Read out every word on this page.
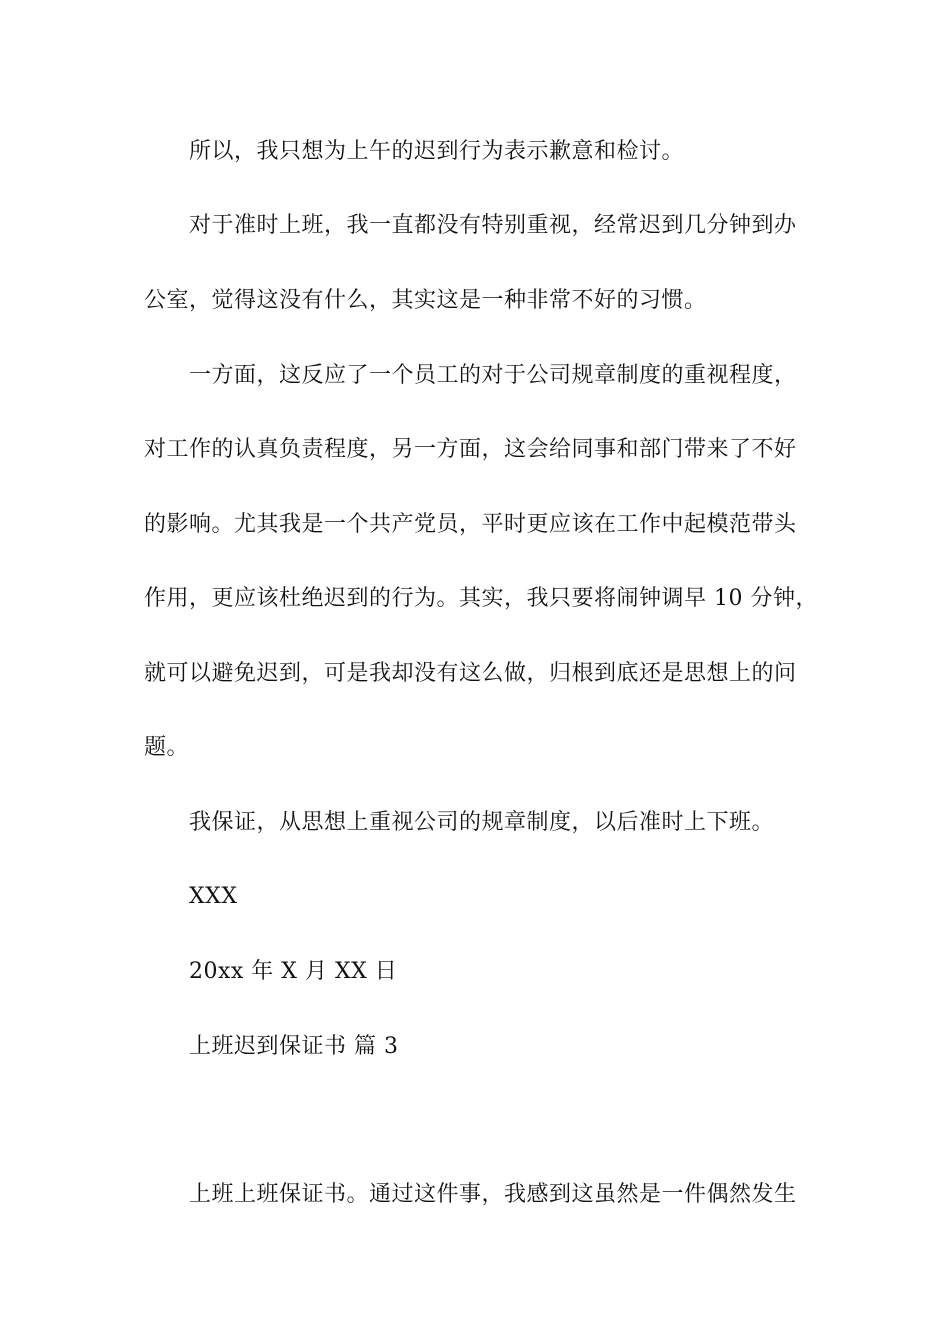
所以，我只想为上午的迟到行为表示歉意和检讨。
对于准时上班，我一直都没有特别重视，经常迟到几分钟到办
公室，觉得这没有什么，其实这是一种非常不好的习惯。
一方面，这反应了一个员工的对于公司规章制度的重视程度，
对工作的认真负责程度，另一方面，这会给同事和部门带来了不好
的影响。尤其我是一个共产党员，平时更应该在工作中起模范带头
作用，更应该杜绝迟到的行为。其实，我只要将闹钟调早 10 分钟，
就可以避免迟到，可是我却没有这么做，归根到底还是思想上的问
题。
我保证，从思想上重视公司的规章制度，以后准时上下班。
XXX
20xx 年 X 月 XX 日
上班迟到保证书 篇 3
上班上班保证书。通过这件事，我感到这虽然是一件偶然发生
